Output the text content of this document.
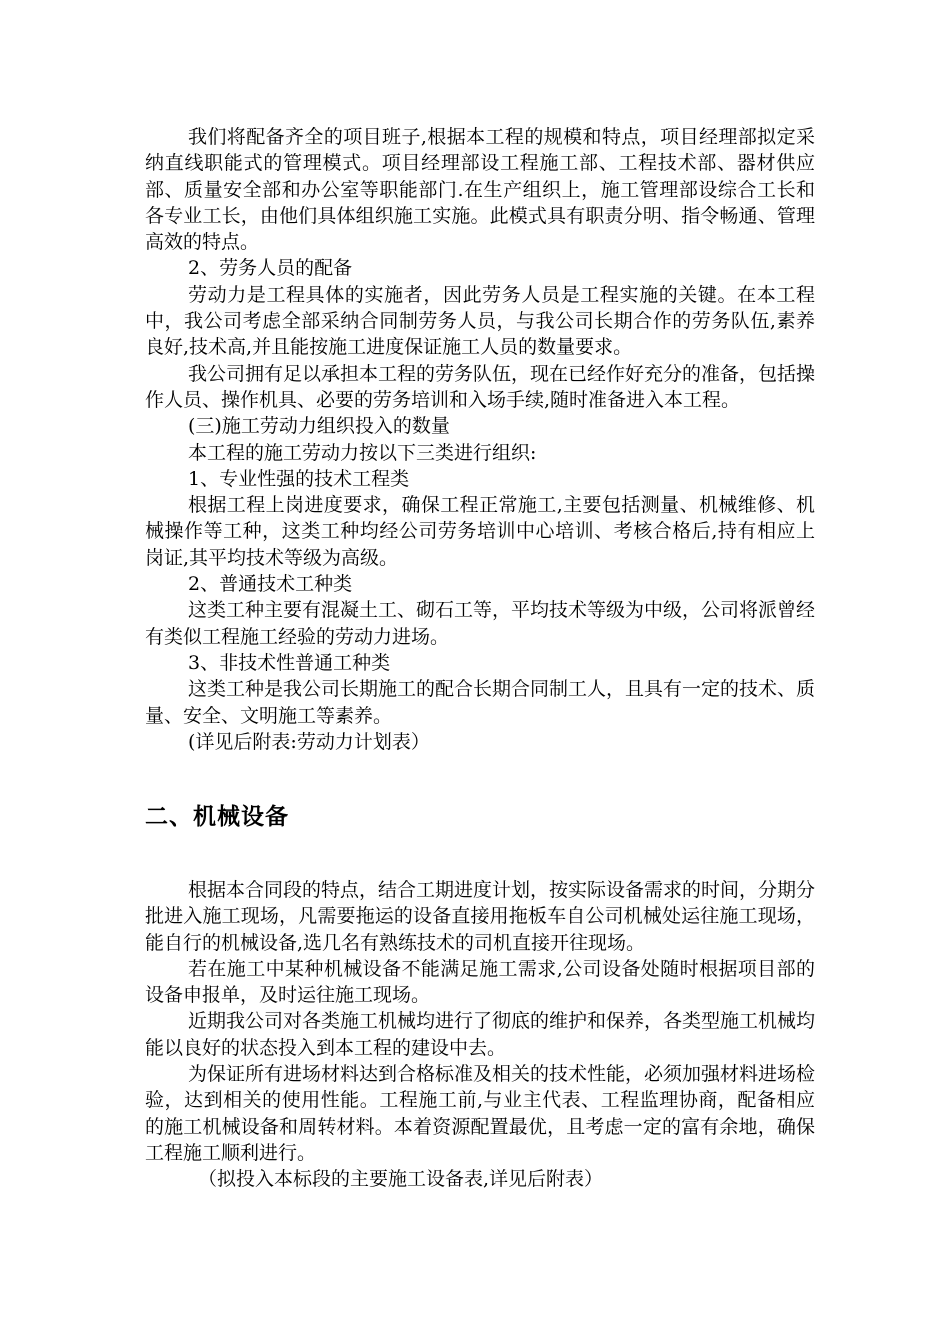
我们将配备齐全的项目班子,根据本工程的规模和特点，项目经理部拟定采纳直线职能式的管理模式。项目经理部设工程施工部、工程技术部、器材供应部、质量安全部和办公室等职能部门.在生产组织上，施工管理部设综合工长和各专业工长，由他们具体组织施工实施。此模式具有职责分明、指令畅通、管理高效的特点。

2、劳务人员的配备

劳动力是工程具体的实施者，因此劳务人员是工程实施的关键。在本工程中，我公司考虑全部采纳合同制劳务人员，与我公司长期合作的劳务队伍,素养良好,技术高,并且能按施工进度保证施工人员的数量要求。

我公司拥有足以承担本工程的劳务队伍，现在已经作好充分的准备，包括操作人员、操作机具、必要的劳务培训和入场手续,随时准备进入本工程。

(三)施工劳动力组织投入的数量

本工程的施工劳动力按以下三类进行组织:

1、专业性强的技术工程类

根据工程上岗进度要求，确保工程正常施工,主要包括测量、机械维修、机械操作等工种，这类工种均经公司劳务培训中心培训、考核合格后,持有相应上岗证,其平均技术等级为高级。

2、普通技术工种类

这类工种主要有混凝土工、砌石工等，平均技术等级为中级，公司将派曾经有类似工程施工经验的劳动力进场。

3、非技术性普通工种类

这类工种是我公司长期施工的配合长期合同制工人，且具有一定的技术、质量、安全、文明施工等素养。

(详见后附表:劳动力计划表）

二、机械设备

根据本合同段的特点，结合工期进度计划，按实际设备需求的时间，分期分批进入施工现场，凡需要拖运的设备直接用拖板车自公司机械处运往施工现场，能自行的机械设备,选几名有熟练技术的司机直接开往现场。

若在施工中某种机械设备不能满足施工需求,公司设备处随时根据项目部的设备申报单，及时运往施工现场。

近期我公司对各类施工机械均进行了彻底的维护和保养，各类型施工机械均能以良好的状态投入到本工程的建设中去。

为保证所有进场材料达到合格标准及相关的技术性能，必须加强材料进场检验，达到相关的使用性能。工程施工前,与业主代表、工程监理协商，配备相应的施工机械设备和周转材料。本着资源配置最优，且考虑一定的富有余地，确保工程施工顺利进行。

（拟投入本标段的主要施工设备表,详见后附表）
